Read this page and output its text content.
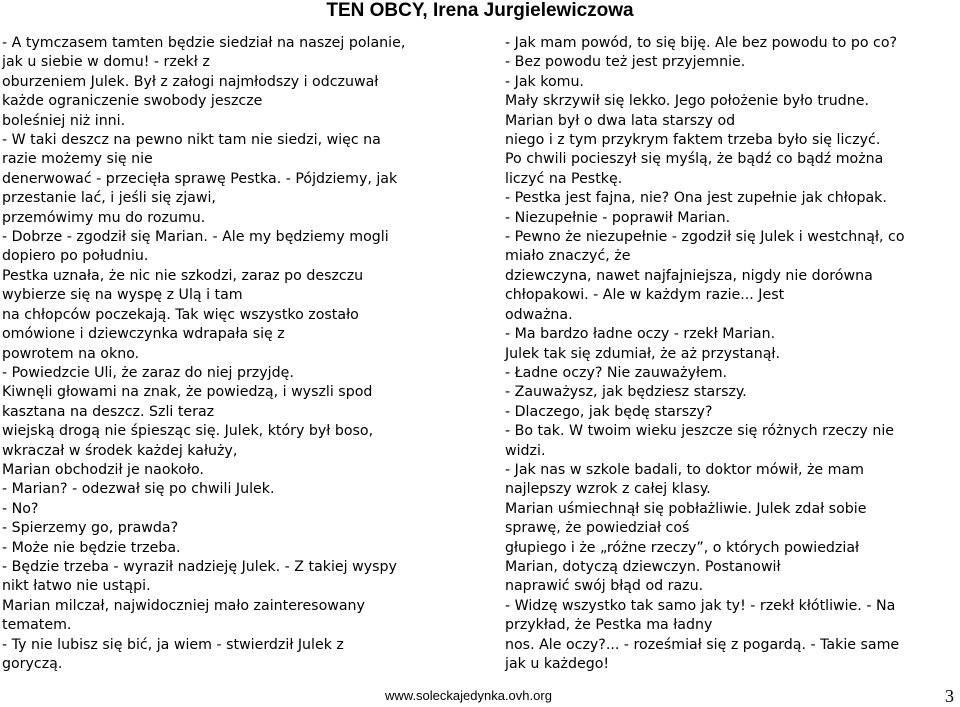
TEN OBCY, Irena Jurgielewiczowa
- A tymczasem tamten będzie siedział na naszej polanie,
jak u siebie w domu! - rzekł z
oburzeniem Julek. Był z załogi najmłodszy i odczuwał
każde ograniczenie swobody jeszcze
boleśniej niż inni.
- W taki deszcz na pewno nikt tam nie siedzi, więc na
razie możemy się nie
denerwować - przecięła sprawę Pestka. - Pójdziemy, jak
przestanie lać, i jeśli się zjawi,
przemówimy mu do rozumu.
- Dobrze - zgodził się Marian. - Ale my będziemy mogli
dopiero po południu.
Pestka uznała, że nic nie szkodzi, zaraz po deszczu
wybierze się na wyspę z Ulą i tam
na chłopców poczekają. Tak więc wszystko zostało
omówione i dziewczynka wdrapała się z
powrotem na okno.
- Powiedzcie Uli, że zaraz do niej przyjdę.
Kiwnęli głowami na znak, że powiedzą, i wyszli spod
kasztana na deszcz. Szli teraz
wiejską drogą nie śpiesząc się. Julek, który był boso,
wkraczał w środek każdej kałuży,
Marian obchodził je naokoło.
- Marian? - odezwał się po chwili Julek.
- No?
- Spierzemy go, prawda?
- Może nie będzie trzeba.
- Będzie trzeba - wyraził nadzieję Julek. - Z takiej wyspy
nikt łatwo nie ustąpi.
Marian milczał, najwidoczniej mało zainteresowany
tematem.
- Ty nie lubisz się bić, ja wiem - stwierdził Julek z
goryczą.
- Jak mam powód, to się biję. Ale bez powodu to po co?
- Bez powodu też jest przyjemnie.
- Jak komu.
Mały skrzywił się lekko. Jego położenie było trudne.
Marian był o dwa lata starszy od
niego i z tym przykrym faktem trzeba było się liczyć.
Po chwili pocieszył się myślą, że bądź co bądź można
liczyć na Pestkę.
- Pestka jest fajna, nie? Ona jest zupełnie jak chłopak.
- Niezupełnie - poprawił Marian.
- Pewno że niezupełnie - zgodził się Julek i westchnął, co
miało znaczyć, że
dziewczyna, nawet najfajniejsza, nigdy nie dorówna
chłopakowi. - Ale w każdym razie... Jest
odważna.
- Ma bardzo ładne oczy - rzekł Marian.
Julek tak się zdumiał, że aż przystanął.
- Ładne oczy? Nie zauważyłem.
- Zauważysz, jak będziesz starszy.
- Dlaczego, jak będę starszy?
- Bo tak. W twoim wieku jeszcze się różnych rzeczy nie
widzi.
- Jak nas w szkole badali, to doktor mówił, że mam
najlepszy wzrok z całej klasy.
Marian uśmiechnął się pobłażliwie. Julek zdał sobie
sprawę, że powiedział coś
głupiego i że „różne rzeczy”, o których powiedział
Marian, dotyczą dziewczyn. Postanowił
naprawić swój błąd od razu.
- Widzę wszystko tak samo jak ty! - rzekł kłótliwie. - Na
przykład, że Pestka ma ładny
nos. Ale oczy?... - roześmiał się z pogardą. - Takie same
jak u każdego!
www.soleckajedynka.ovh.org	3
